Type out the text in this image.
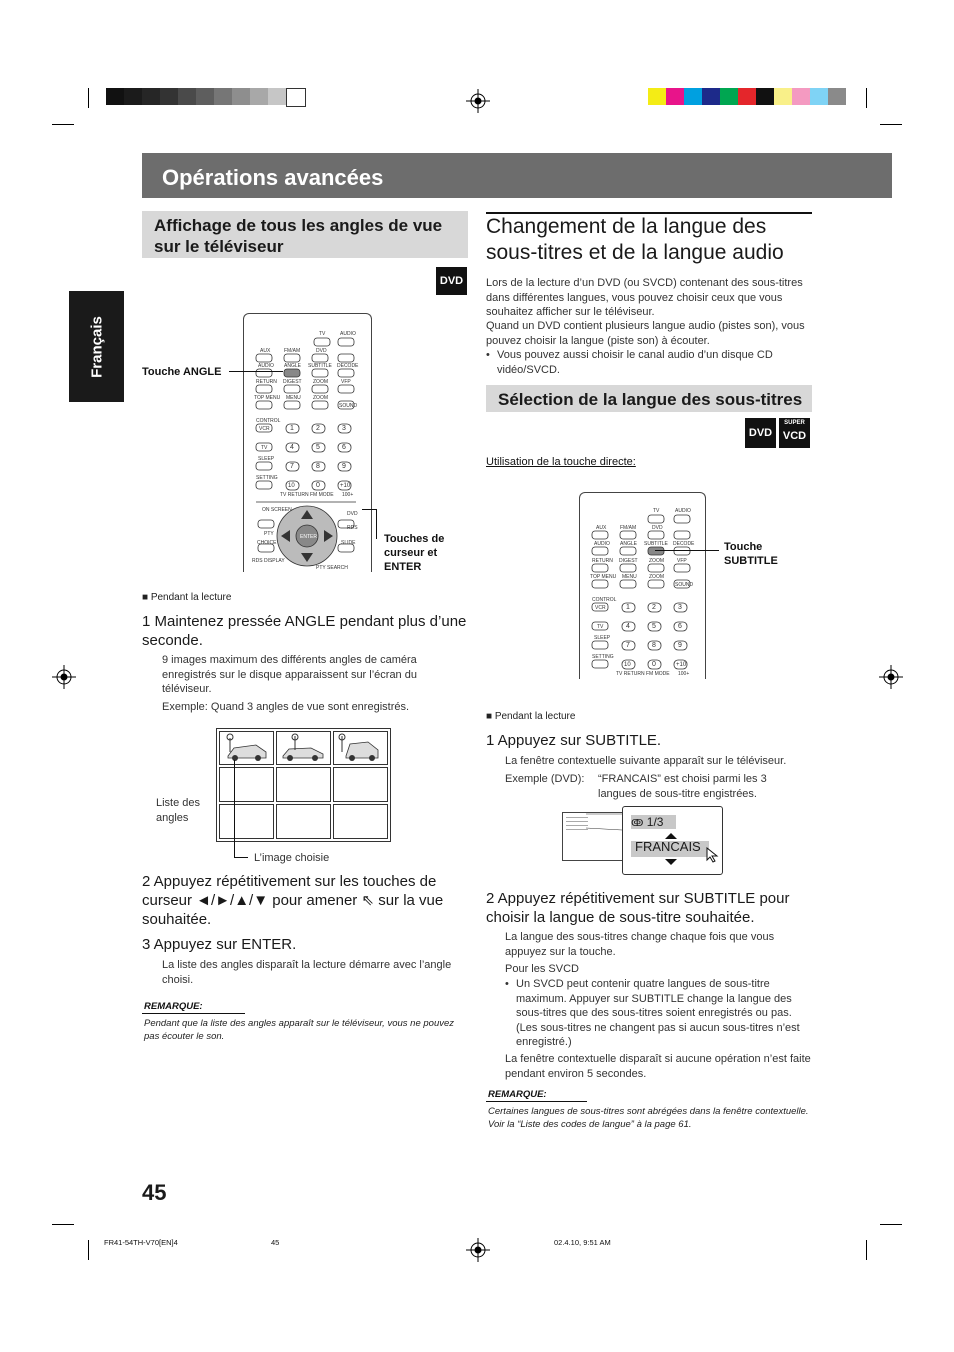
Opérations avancées
Français
Affichage de tous les angles de vue sur le téléviseur
DVD
TV	AUDIO
AUX	FM/AM	DVD
AUDIO ANGLE SUBTITLE DECODE
RETURN DIGEST ZOOM	VFP
TOP MENU MENU ZOOM
SOUND
CONTROL
VCR
TV
SLEEP
SETTING
1	2	3
4	5	6
7	8	9
10	0	+10
TV RETURN FM MODE 100+
ON SCREEN
CHOICE	SLIDE
ENTER
DVD
RDS
PTY
RDS DISPLAY
PTY SEARCH
Touche ANGLE
Touches de curseur et ENTER
■ Pendant la lecture
1 Maintenez pressée ANGLE pendant plus d’une seconde.
9 images maximum des différents angles de caméra enregistrés sur le disque apparaissent sur l’écran du téléviseur.
Exemple: Quand 3 angles de vue sont enregistrés.
Liste des angles
L’image choisie
2 Appuyez répétitivement sur les touches de curseur ◄/►/▲/▼ pour amener ⇖ sur la vue souhaitée.
3 Appuyez sur ENTER.
La liste des angles disparaît la lecture démarre avec l’angle choisi.
REMARQUE:
Pendant que la liste des angles apparaît sur le téléviseur, vous ne pouvez pas écouter le son.
Changement de la langue des sous-titres et de la langue audio
Lors de la lecture d’un DVD (ou SVCD) contenant des sous-titres dans différentes langues, vous pouvez choisir ceux que vous souhaitez afficher sur le téléviseur.
Quand un DVD contient plusieurs langue audio (pistes son), vous pouvez choisir la langue (piste son) à écouter.
• Vous pouvez aussi choisir le canal audio d’un disque CD vidéo/SVCD.
Sélection de la langue des sous-titres
DVD
SUPER
VCD
Utilisation de la touche directe:
TV	AUDIO
AUX	FM/AM	DVD
AUDIO ANGLE SUBTITLE DECODE
RETURN DIGEST ZOOM	VFP
TOP MENU MENU ZOOM
SOUND
CONTROL
VCR
TV
SLEEP
SETTING
1	2	3
4	5	6
7	8	9
10	0	+10
TV RETURN FM MODE 100+
Touche SUBTITLE
■ Pendant la lecture
1 Appuyez sur SUBTITLE.
La fenêtre contextuelle suivante apparaît sur le téléviseur.
Exemple (DVD):	“FRANCAIS” est choisi parmi les 3 langues de sous-titre engistrées.
ↂ 1/3
FRANCAIS
2 Appuyez répétitivement sur SUBTITLE pour choisir la langue de sous-titre souhaitée.
La langue des sous-titres change chaque fois que vous appuyez sur la touche.
Pour les SVCD
• Un SVCD peut contenir quatre langues de sous-titre maximum. Appuyer sur SUBTITLE change la langue des sous-titres que des sous-titres soient enregistrés ou pas. (Les sous-titres ne changent pas si aucun sous-titres n’est enregistré.)
La fenêtre contextuelle disparaît si aucune opération n’est faite pendant environ 5 secondes.
REMARQUE:
Certaines langues de sous-titres sont abrégées dans la fenêtre contextuelle. Voir la “Liste des codes de langue” à la page 61.
45
FR41-54TH-V70[EN]4	45	02.4.10, 9:51 AM
